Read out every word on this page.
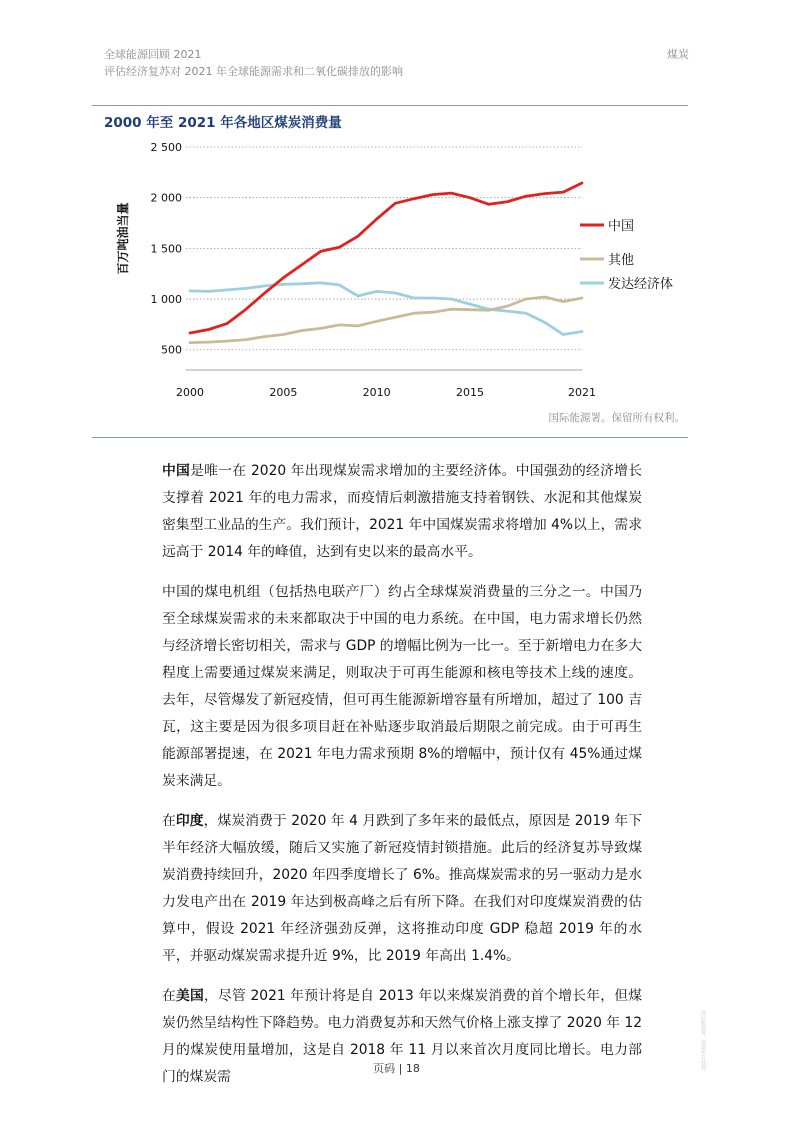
全球能源回顾 2021
评估经济复苏对 2021 年全球能源需求和二氧化碳排放的影响
煤炭
2000 年至 2021 年各地区煤炭消费量
500
1 000
1 500
2 000
2 500
2000	2005	2010	2015	2021
百万吨油当量	中国
其他
发达经济体
国际能源署。保留所有权利。

中国是唯一在 2020 年出现煤炭需求增加的主要经济体。中国强劲的经济增长支撑着 2021 年的电力需求，而疫情后刺激措施支持着钢铁、水泥和其他煤炭密集型工业品的生产。我们预计，2021 年中国煤炭需求将增加 4%以上，需求远高于 2014 年的峰值，达到有史以来的最高水平。

中国的煤电机组（包括热电联产厂）约占全球煤炭消费量的三分之一。中国乃至全球煤炭需求的未来都取决于中国的电力系统。在中国，电力需求增长仍然与经济增长密切相关，需求与 GDP 的增幅比例为一比一。至于新增电力在多大程度上需要通过煤炭来满足，则取决于可再生能源和核电等技术上线的速度。去年，尽管爆发了新冠疫情，但可再生能源新增容量有所增加，超过了 100 吉瓦，这主要是因为很多项目赶在补贴逐步取消最后期限之前完成。由于可再生能源部署提速，在 2021 年电力需求预期 8%的增幅中，预计仅有 45%通过煤炭来满足。

在印度，煤炭消费于 2020 年 4 月跌到了多年来的最低点，原因是 2019 年下半年经济大幅放缓，随后又实施了新冠疫情封锁措施。此后的经济复苏导致煤炭消费持续回升，2020 年四季度增长了 6%。推高煤炭需求的另一驱动力是水力发电产出在 2019 年达到极高峰之后有所下降。在我们对印度煤炭消费的估算中，假设 2021 年经济强劲反弹，这将推动印度 GDP 稳超 2019 年的水平，并驱动煤炭需求提升近 9%，比 2019 年高出 1.4%。

在美国，尽管 2021 年预计将是自 2013 年以来煤炭消费的首个增长年，但煤炭仍然呈结构性下降趋势。电力消费复苏和天然气价格上涨支撑了 2020 年 12 月的煤炭使用量增加，这是自 2018 年 11 月以来首次月度同比增长。电力部门的煤炭需

页码 | 18	国际能源署。保留所有权利。
